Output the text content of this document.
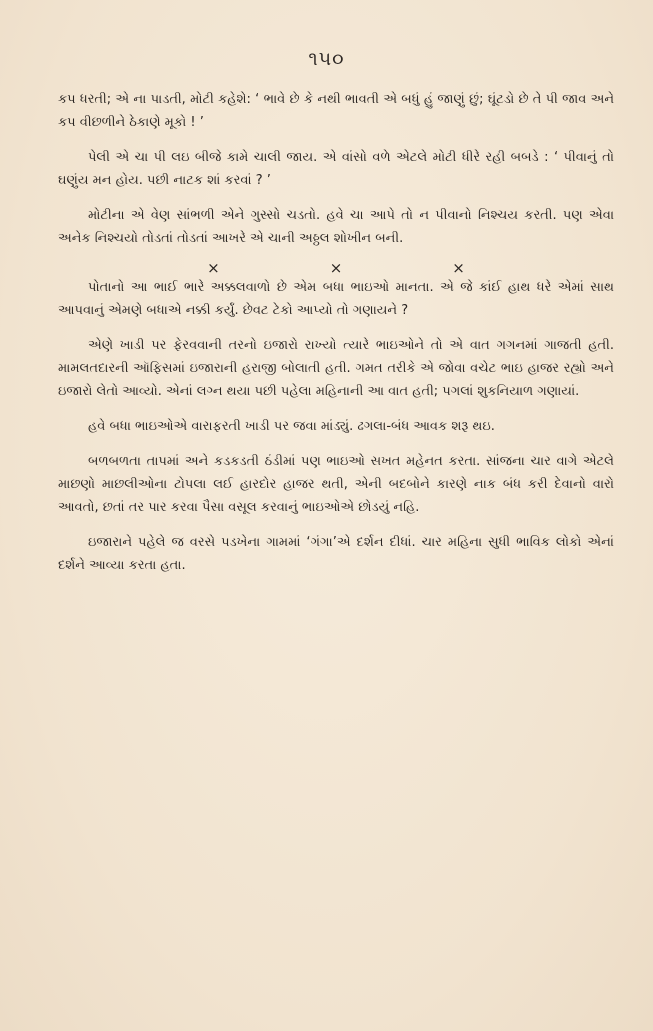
૧૫૦

કપ ધરતી; એ ના પાડતી, મોટી કહેશે: ‘ ભાવે છે કે નથી ભાવતી એ બધું હું જાણું છું; ઘૂંટડો છે તે પી જાવ અને કપ વીછળીને ઠેકાણે મૂકો ! ’

પેલી એ ચા પી લઇ બીજે કામે ચાલી જાય. એ વાંસો વળે એટલે મોટી ધીરે રહી બબડે : ‘ પીવાનું તો ઘણુંય મન હોય. પછી નાટક શાં કરવાં ? ’

મોટીના એ વેણ સાંભળી એને ગુસ્સો ચડતો. હવે ચા આપે તો ન પીવાનો નિશ્ચય કરતી. પણ એવા અનેક નિશ્ચયો તોડતાં તોડતાં આખરે એ ચાની અઠ્ઠલ શોખીન બની.

×	×	×

પોતાનો આ ભાઈ ભારે અક્કલવાળો છે એમ બધા ભાઇઓ માનતા. એ જે કાંઈ હાથ ધરે એમાં સાથ આપવાનું એમણે બધાએ નક્કી કર્યું. છેવટ ટેકો આપ્યો તો ગણાયને ?

એણે ખાડી પર ફેરવવાની તરનો ઇજારો રાખ્યો ત્યારે ભાઇઓને તો એ વાત ગગનમાં ગાજતી હતી. મામલતદારની ઑફિસમાં ઇજારાની હરાજી બોલાતી હતી. ગમત તરીકે એ જોવા વચેટ ભાઇ હાજર રહ્યો અને ઇજારો લેતો આવ્યો. એનાં લગ્ન થયા પછી પહેલા મહિનાની આ વાત હતી; પગલાં શુકનિયાળ ગણાયાં.

હવે બધા ભાઇઓએ વારાફરતી ખાડી પર જવા માંડ્યું. ઢગલા-બંધ આવક શરૂ થઇ.

બળબળતા તાપમાં અને કડકડતી ઠંડીમાં પણ ભાઇઓ સખત મહેનત કરતા. સાંજના ચાર વાગે એટલે માછણો માછલીઓના ટોપલા લઈ હારદોર હાજર થતી, એની બદબોને કારણે નાક બંધ કરી દેવાનો વારો આવતો, છતાં તર પાર કરવા પૈસા વસૂલ કરવાનું ભાઇઓએ છોડયું નહિ.

ઇજારાને પહેલે જ વરસે પડખેના ગામમાં ‘ગંગા’એ દર્શન દીધાં. ચાર મહિના સુધી ભાવિક લોકો એનાં દર્શને આવ્યા કરતા હતા.
